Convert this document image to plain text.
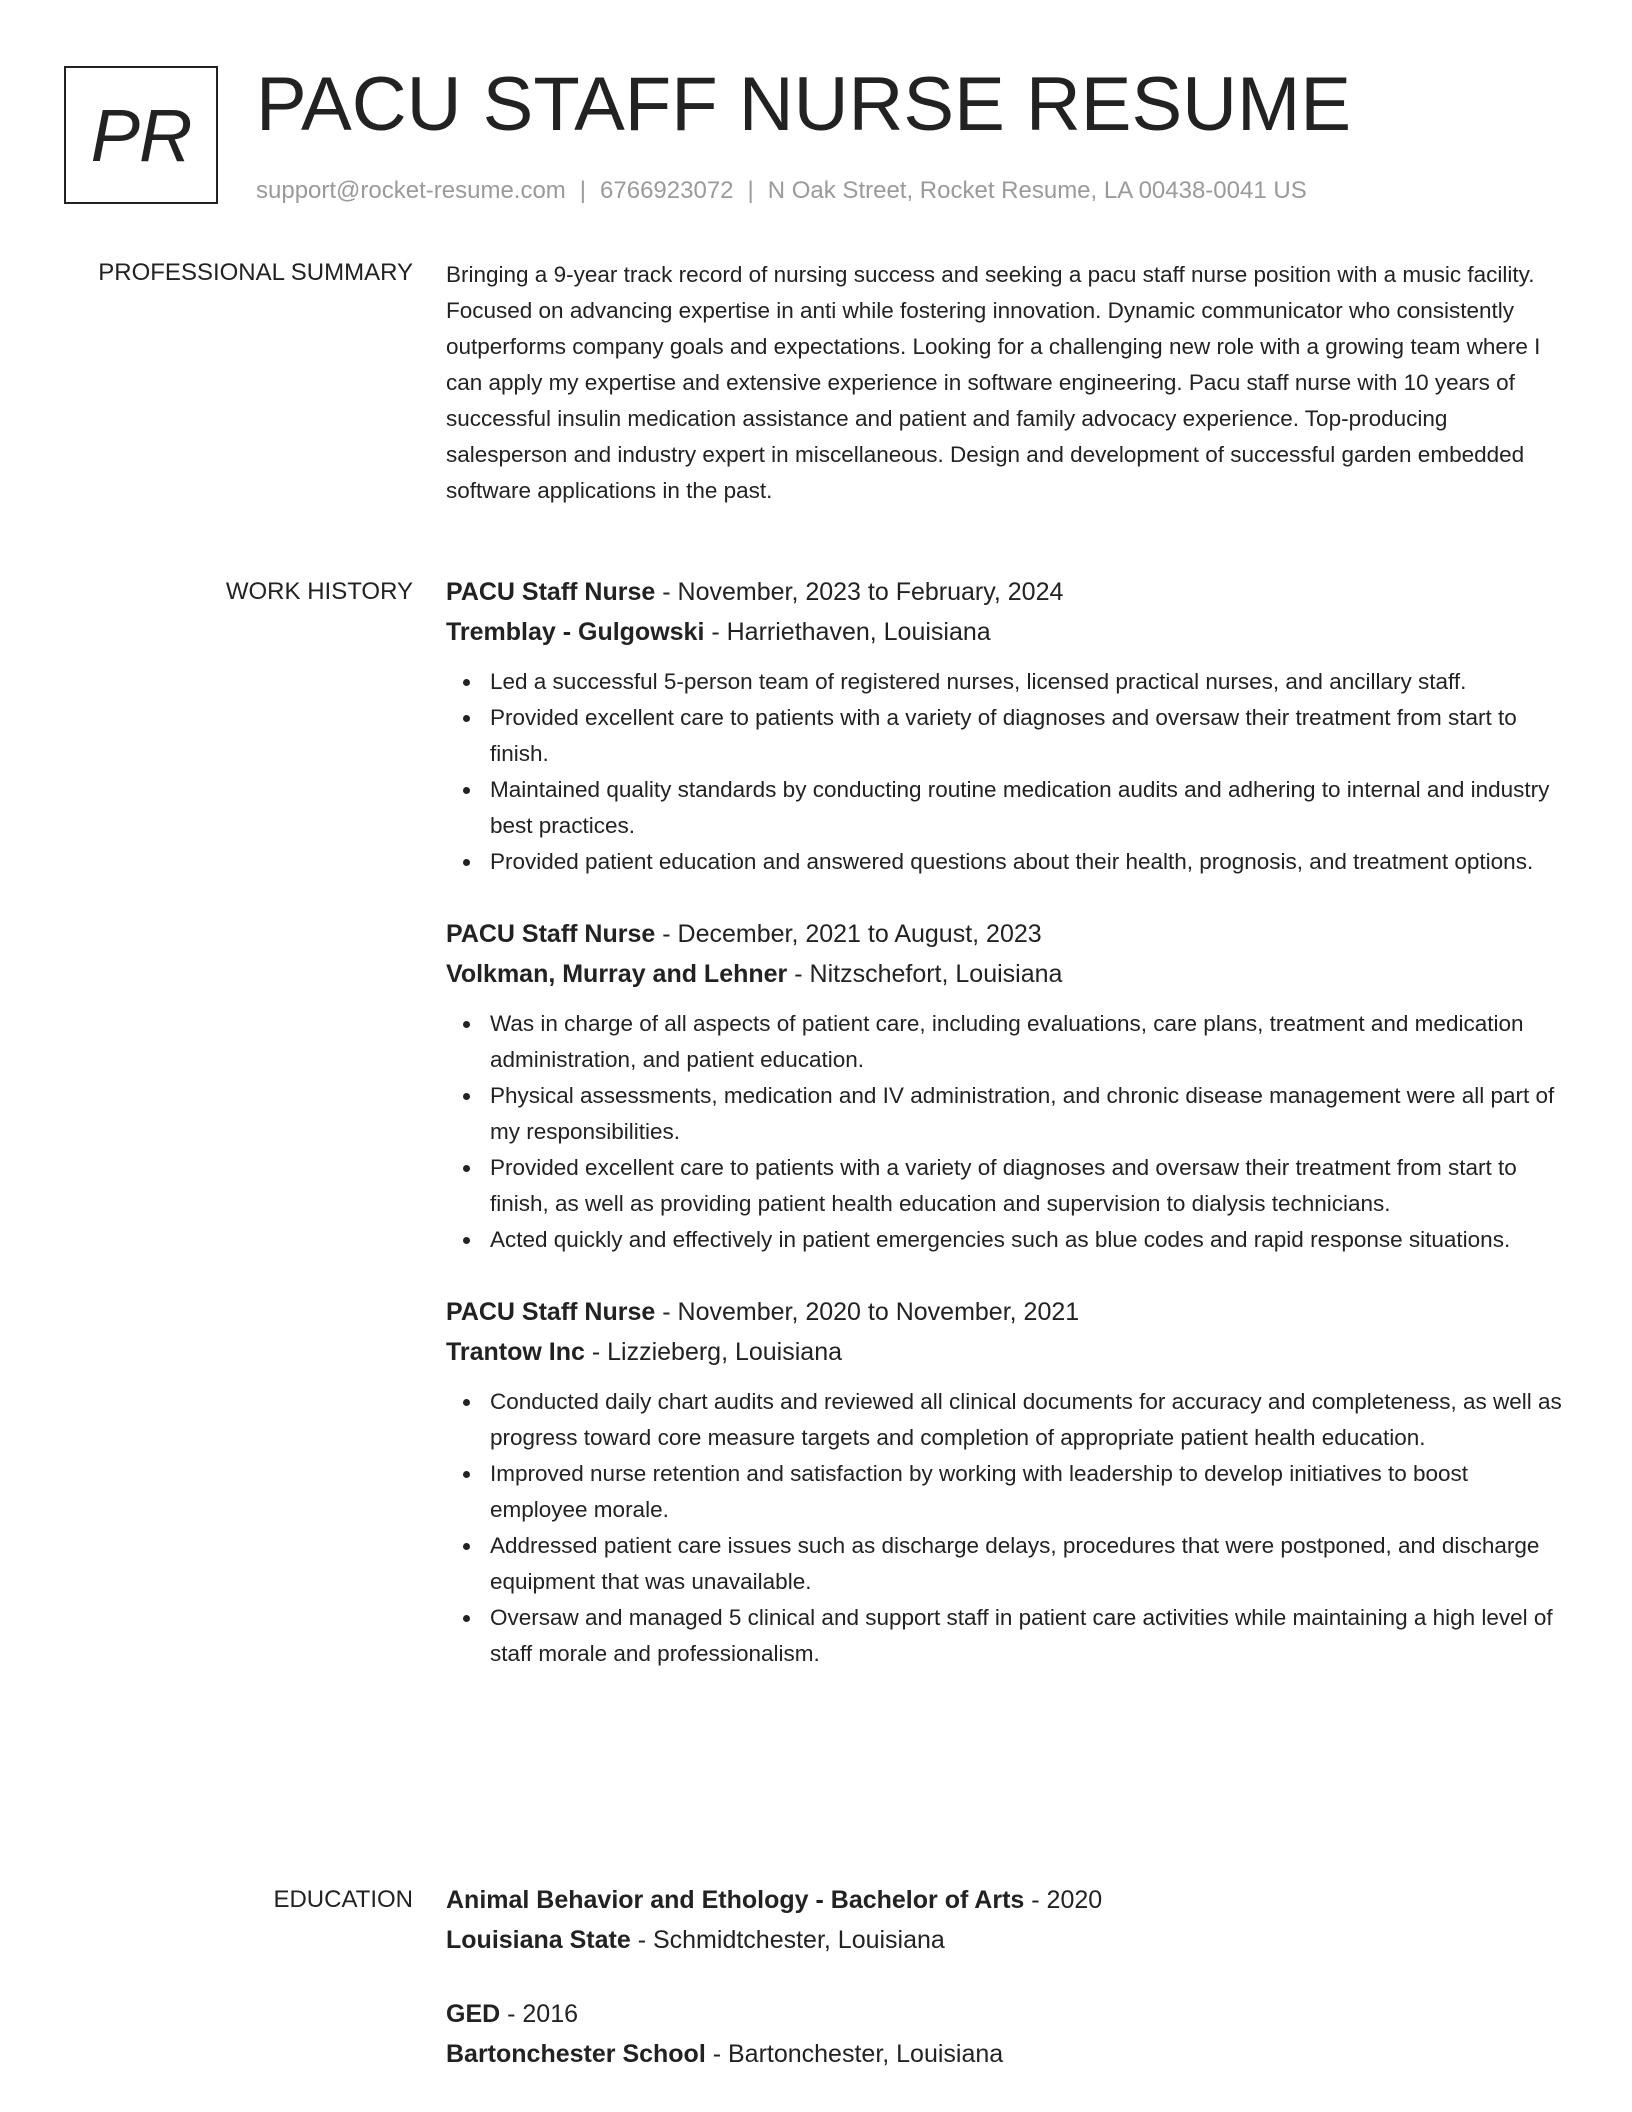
PR PACU STAFF NURSE RESUME
support@rocket-resume.com | 6766923072 | N Oak Street, Rocket Resume, LA 00438-0041 US
PROFESSIONAL SUMMARY Bringing a 9-year track record of nursing success and seeking a pacu staff nurse position with a music facility. Focused on advancing expertise in anti while fostering innovation. Dynamic communicator who consistently outperforms company goals and expectations. Looking for a challenging new role with a growing team where I can apply my expertise and extensive experience in software engineering. Pacu staff nurse with 10 years of successful insulin medication assistance and patient and family advocacy experience. Top-producing salesperson and industry expert in miscellaneous. Design and development of successful garden embedded software applications in the past.

WORK HISTORY PACU Staff Nurse - November, 2023 to February, 2024
Tremblay - Gulgowski - Harriethaven, Louisiana
Led a successful 5-person team of registered nurses, licensed practical nurses, and ancillary staff.
Provided excellent care to patients with a variety of diagnoses and oversaw their treatment from start to finish.
Maintained quality standards by conducting routine medication audits and adhering to internal and industry best practices.
Provided patient education and answered questions about their health, prognosis, and treatment options.
PACU Staff Nurse - December, 2021 to August, 2023
Volkman, Murray and Lehner - Nitzschefort, Louisiana
Was in charge of all aspects of patient care, including evaluations, care plans, treatment and medication administration, and patient education.
Physical assessments, medication and IV administration, and chronic disease management were all part of my responsibilities.
Provided excellent care to patients with a variety of diagnoses and oversaw their treatment from start to finish, as well as providing patient health education and supervision to dialysis technicians.
Acted quickly and effectively in patient emergencies such as blue codes and rapid response situations.
PACU Staff Nurse - November, 2020 to November, 2021
Trantow Inc - Lizzieberg, Louisiana
Conducted daily chart audits and reviewed all clinical documents for accuracy and completeness, as well as progress toward core measure targets and completion of appropriate patient health education.
Improved nurse retention and satisfaction by working with leadership to develop initiatives to boost employee morale.
Addressed patient care issues such as discharge delays, procedures that were postponed, and discharge equipment that was unavailable.
Oversaw and managed 5 clinical and support staff in patient care activities while maintaining a high level of staff morale and professionalism.
EDUCATION Animal Behavior and Ethology - Bachelor of Arts - 2020
Louisiana State - Schmidtchester, Louisiana
GED - 2016
Bartonchester School - Bartonchester, Louisiana
